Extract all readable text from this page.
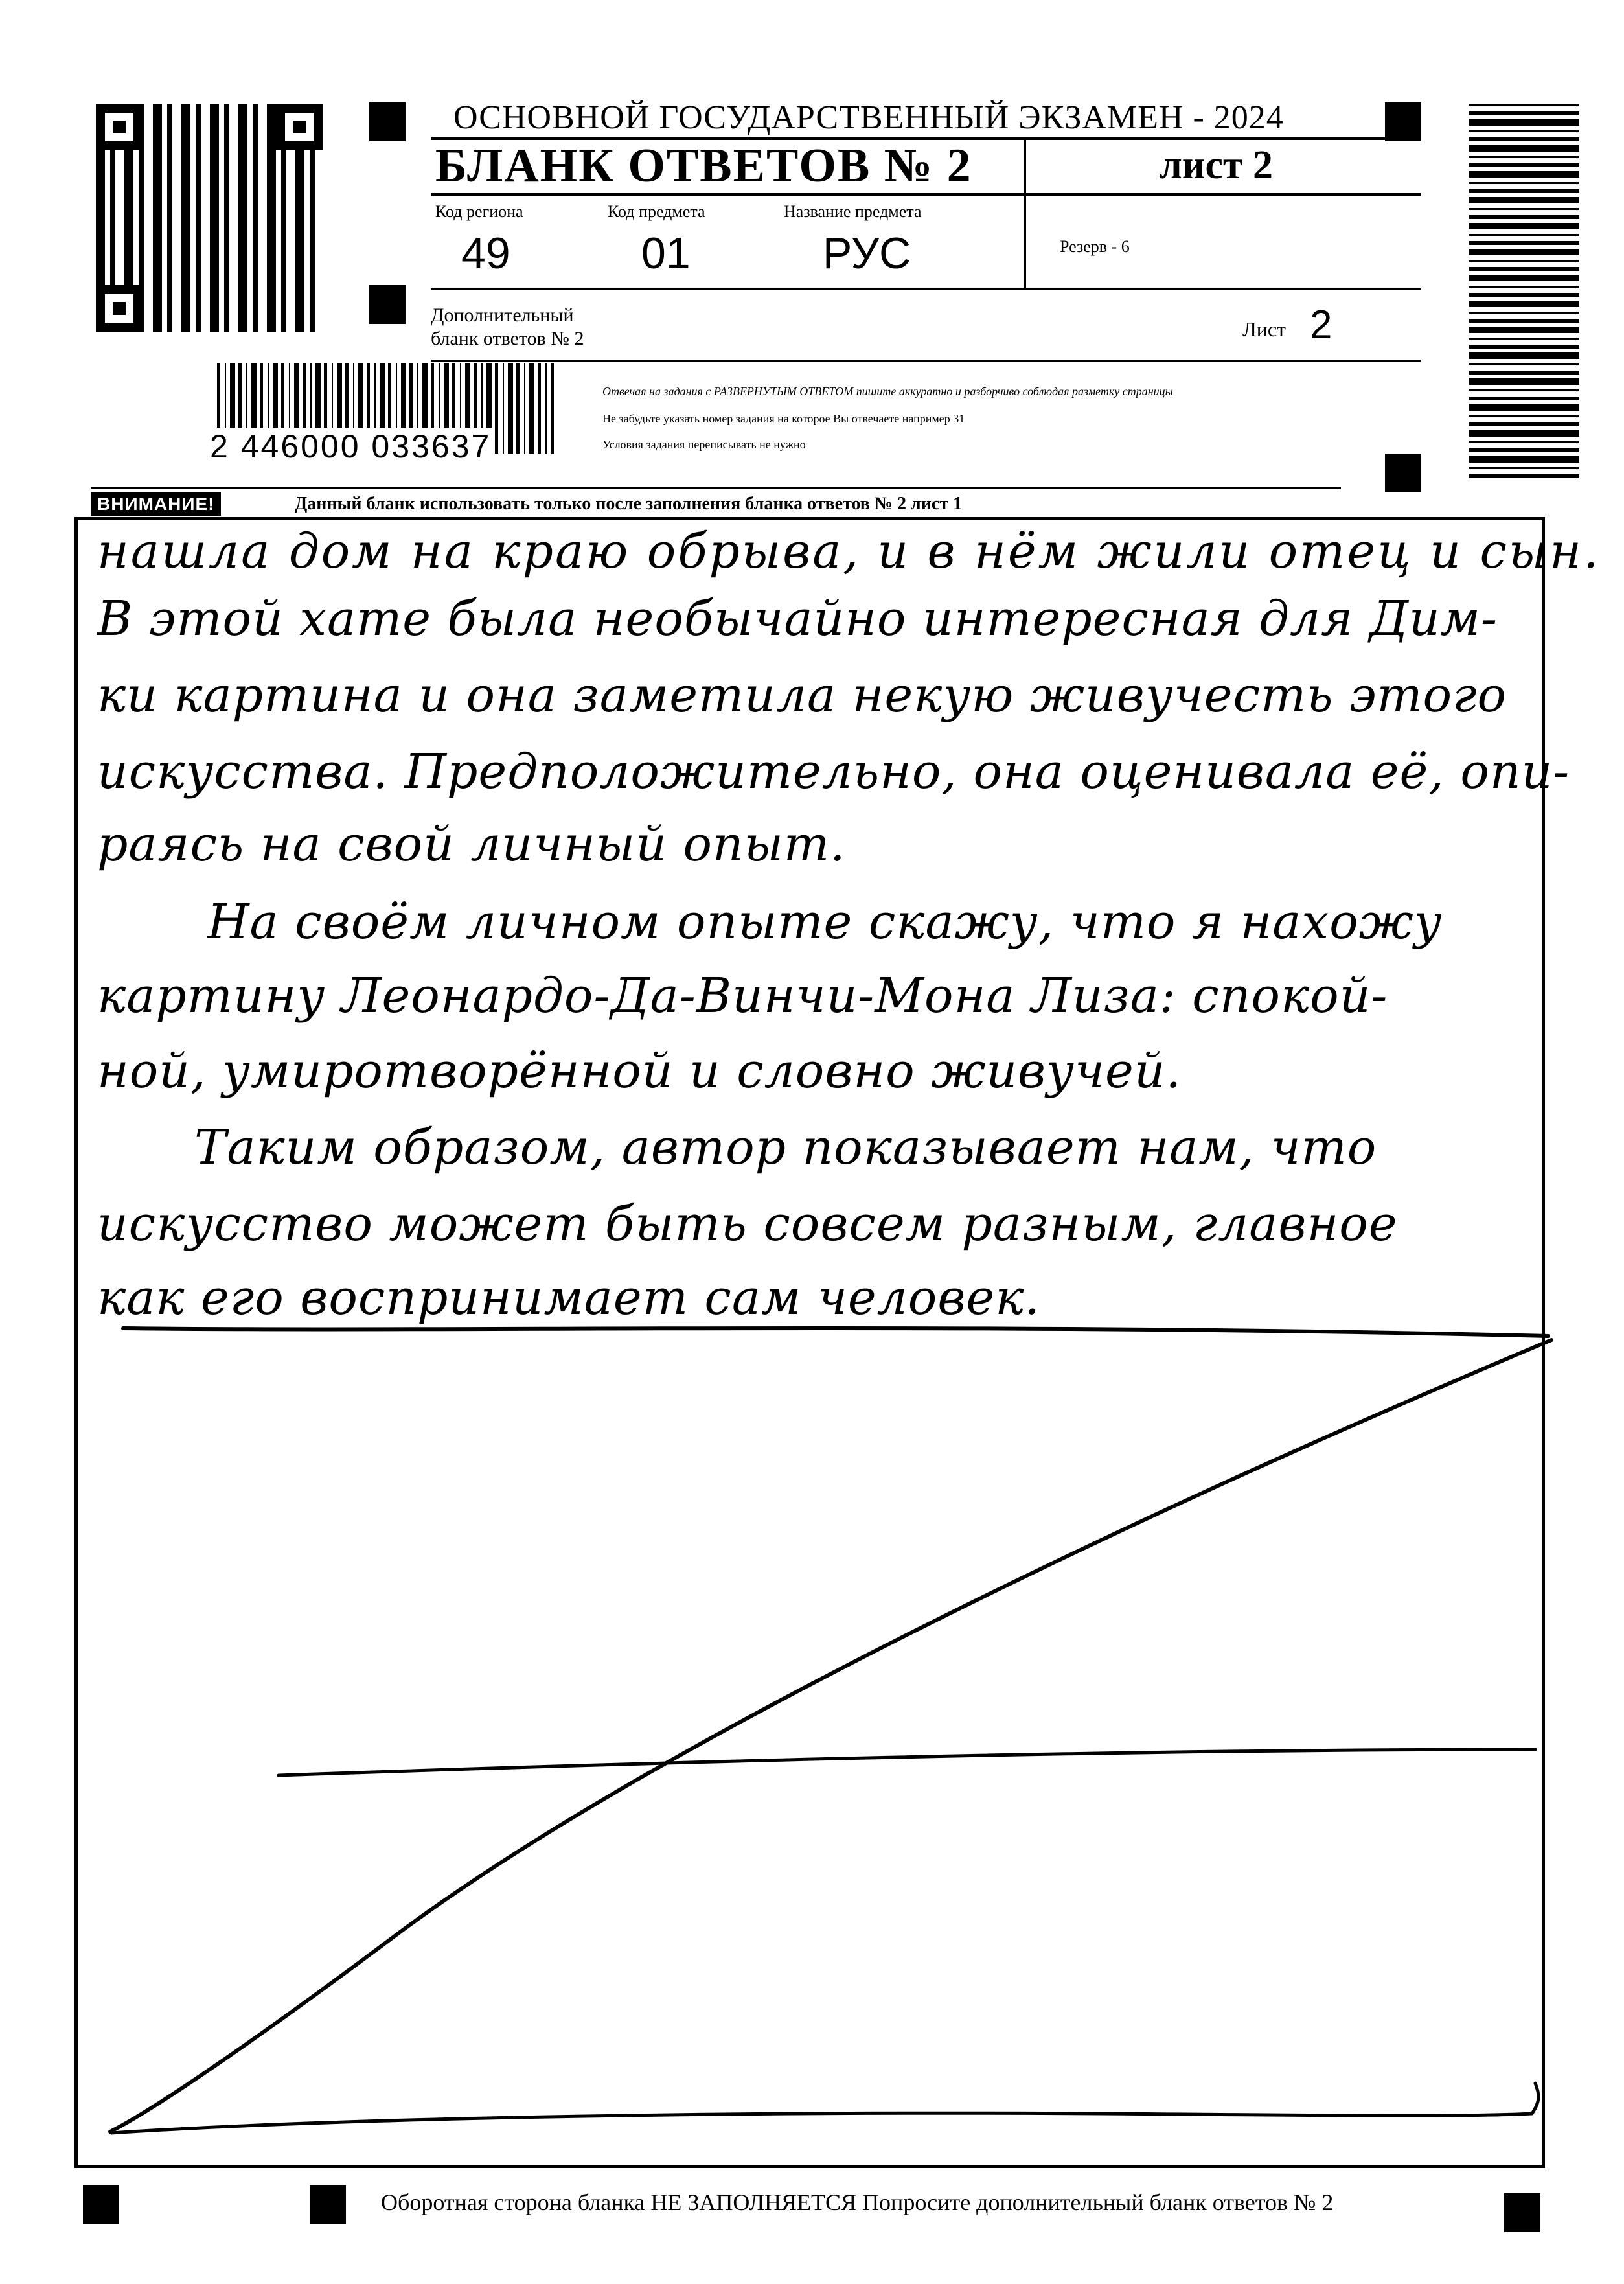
ОСНОВНОЙ ГОСУДАРСТВЕННЫЙ ЭКЗАМЕН - 2024
БЛАНК ОТВЕТОВ № 2	лист 2
Код региона
49
Код предмета
01
Название предмета
РУС	Резерв - 6
Дополнительный
бланк ответов № 2	Лист 2
2 446000 033637
Отвечая на задания с РАЗВЕРНУТЫМ ОТВЕТОМ пишите аккуратно и разборчиво соблюдая разметку страницы
Не забудьте указать номер задания на которое Вы отвечаете например 31
Условия задания переписывать не нужно
ВНИМАНИЕ!	Данный бланк использовать только после заполнения бланка ответов № 2 лист 1
нашла дом на краю обрыва, и в нём жили отец и сын.
В этой хате была необычайно интересная для Дим-
ки картина и она заметила некую живучесть этого
искусства. Предположительно, она оценивала её, опи-
раясь на свой личный опыт.
На своём личном опыте скажу, что я нахожу
картину Леонардо-Да-Винчи-Мона Лиза: спокой-
ной, умиротворённой и словно живучей.
Таким образом, автор показывает нам, что
искусство может быть совсем разным, главное
как его воспринимает сам человек.
Оборотная сторона бланка НЕ ЗАПОЛНЯЕТСЯ Попросите дополнительный бланк ответов № 2
